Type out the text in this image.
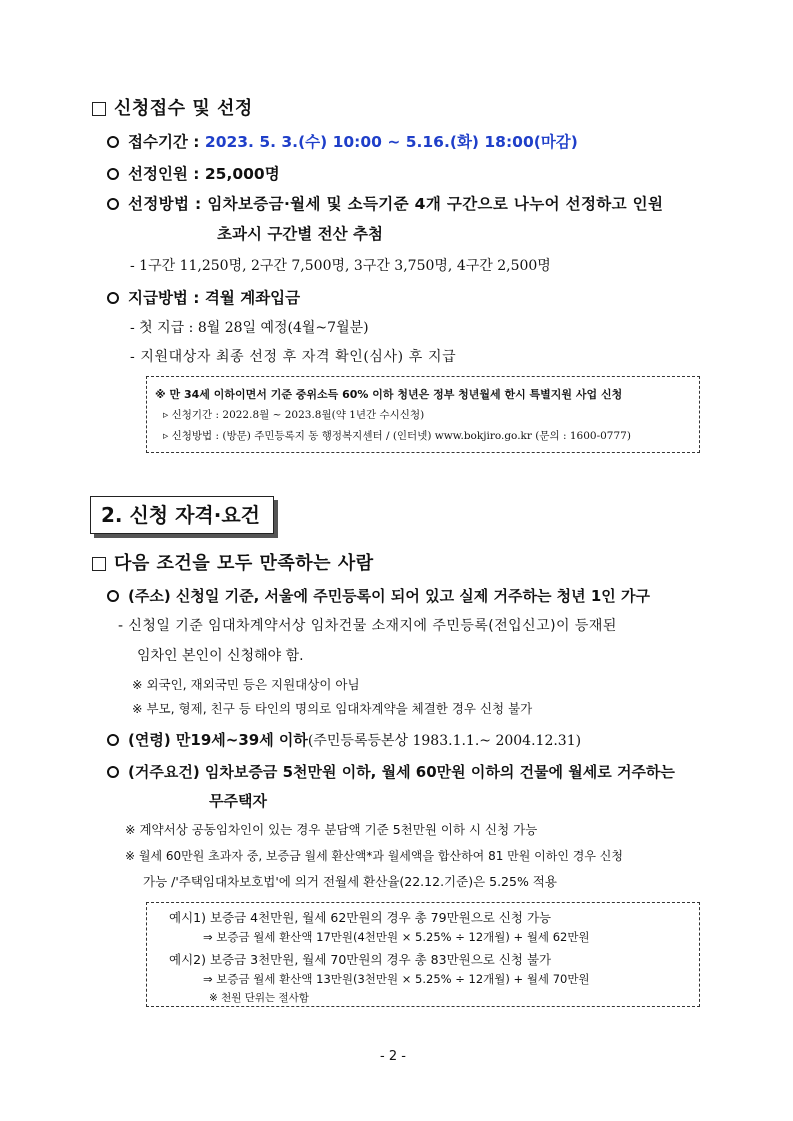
신청접수 및 선정
접수기간 : 2023. 5. 3.(수) 10:00 ~ 5.16.(화) 18:00(마감)
선정인원 : 25,000명
선정방법 : 임차보증금·월세 및 소득기준 4개 구간으로 나누어 선정하고 인원
초과시 구간별 전산 추첨
- 1구간 11,250명, 2구간 7,500명, 3구간 3,750명, 4구간 2,500명
지급방법 : 격월 계좌입금
- 첫 지급 : 8월 28일 예정(4월~7월분)
- 지원대상자 최종 선정 후 자격 확인(심사) 후 지급
※ 만 34세 이하이면서 기준 중위소득 60% 이하 청년은 정부 청년월세 한시 특별지원 사업 신청
▹ 신청기간 : 2022.8월 ~ 2023.8월(약 1년간 수시신청)
▹ 신청방법 : (방문) 주민등록지 동 행정복지센터 / (인터넷) www.bokjiro.go.kr (문의 : 1600-0777)
2. 신청 자격·요건
다음 조건을 모두 만족하는 사람
(주소) 신청일 기준, 서울에 주민등록이 되어 있고 실제 거주하는 청년 1인 가구
- 신청일 기준 임대차계약서상 임차건물 소재지에 주민등록(전입신고)이 등재된
임차인 본인이 신청해야 함.
※ 외국인, 재외국민 등은 지원대상이 아님
※ 부모, 형제, 친구 등 타인의 명의로 임대차계약을 체결한 경우 신청 불가
(연령) 만19세~39세 이하(주민등록등본상 1983.1.1.~ 2004.12.31)
(거주요건) 임차보증금 5천만원 이하, 월세 60만원 이하의 건물에 월세로 거주하는
무주택자
※ 계약서상 공동임차인이 있는 경우 분담액 기준 5천만원 이하 시 신청 가능
※ 월세 60만원 초과자 중, 보증금 월세 환산액*과 월세액을 합산하여 81 만원 이하인 경우 신청
가능 /'주택임대차보호법'에 의거 전월세 환산율(22.12.기준)은 5.25% 적용
예시1) 보증금 4천만원, 월세 62만원의 경우 총 79만원으로 신청 가능
⇒ 보증금 월세 환산액 17만원(4천만원 × 5.25% ÷ 12개월) + 월세 62만원
예시2) 보증금 3천만원, 월세 70만원의 경우 총 83만원으로 신청 불가
⇒ 보증금 월세 환산액 13만원(3천만원 × 5.25% ÷ 12개월) + 월세 70만원
※ 천원 단위는 절사함
- 2 -
